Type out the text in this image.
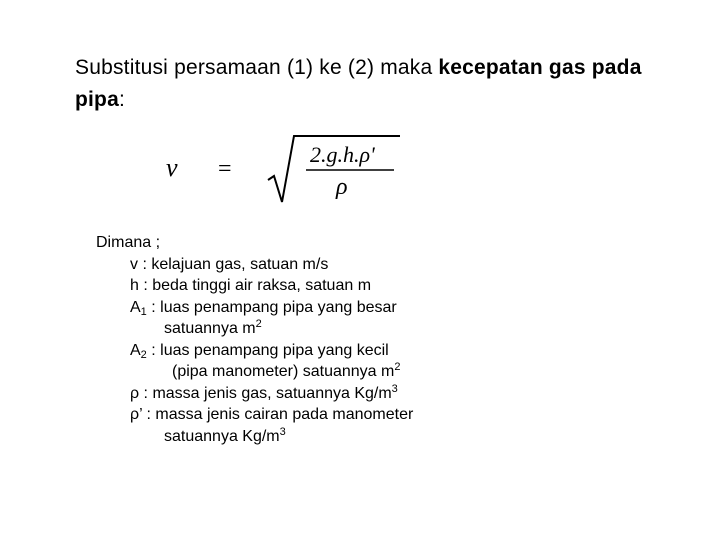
Substitusi persamaan (1) ke (2) maka kecepatan gas pada pipa:
v =
2.g.h.ρ'
ρ
Dimana ;
v : kelajuan gas, satuan m/s
h : beda tinggi air raksa, satuan m
$A_1$ : luas penampang pipa yang besar
satuannya $m^2$
$A_2$ : luas penampang pipa yang kecil
(pipa manometer) satuannya $m^2$
ρ : massa jenis gas, satuannya $Kg/m^3$
ρ’ : massa jenis cairan pada manometer
satuannya $Kg/m^3$
